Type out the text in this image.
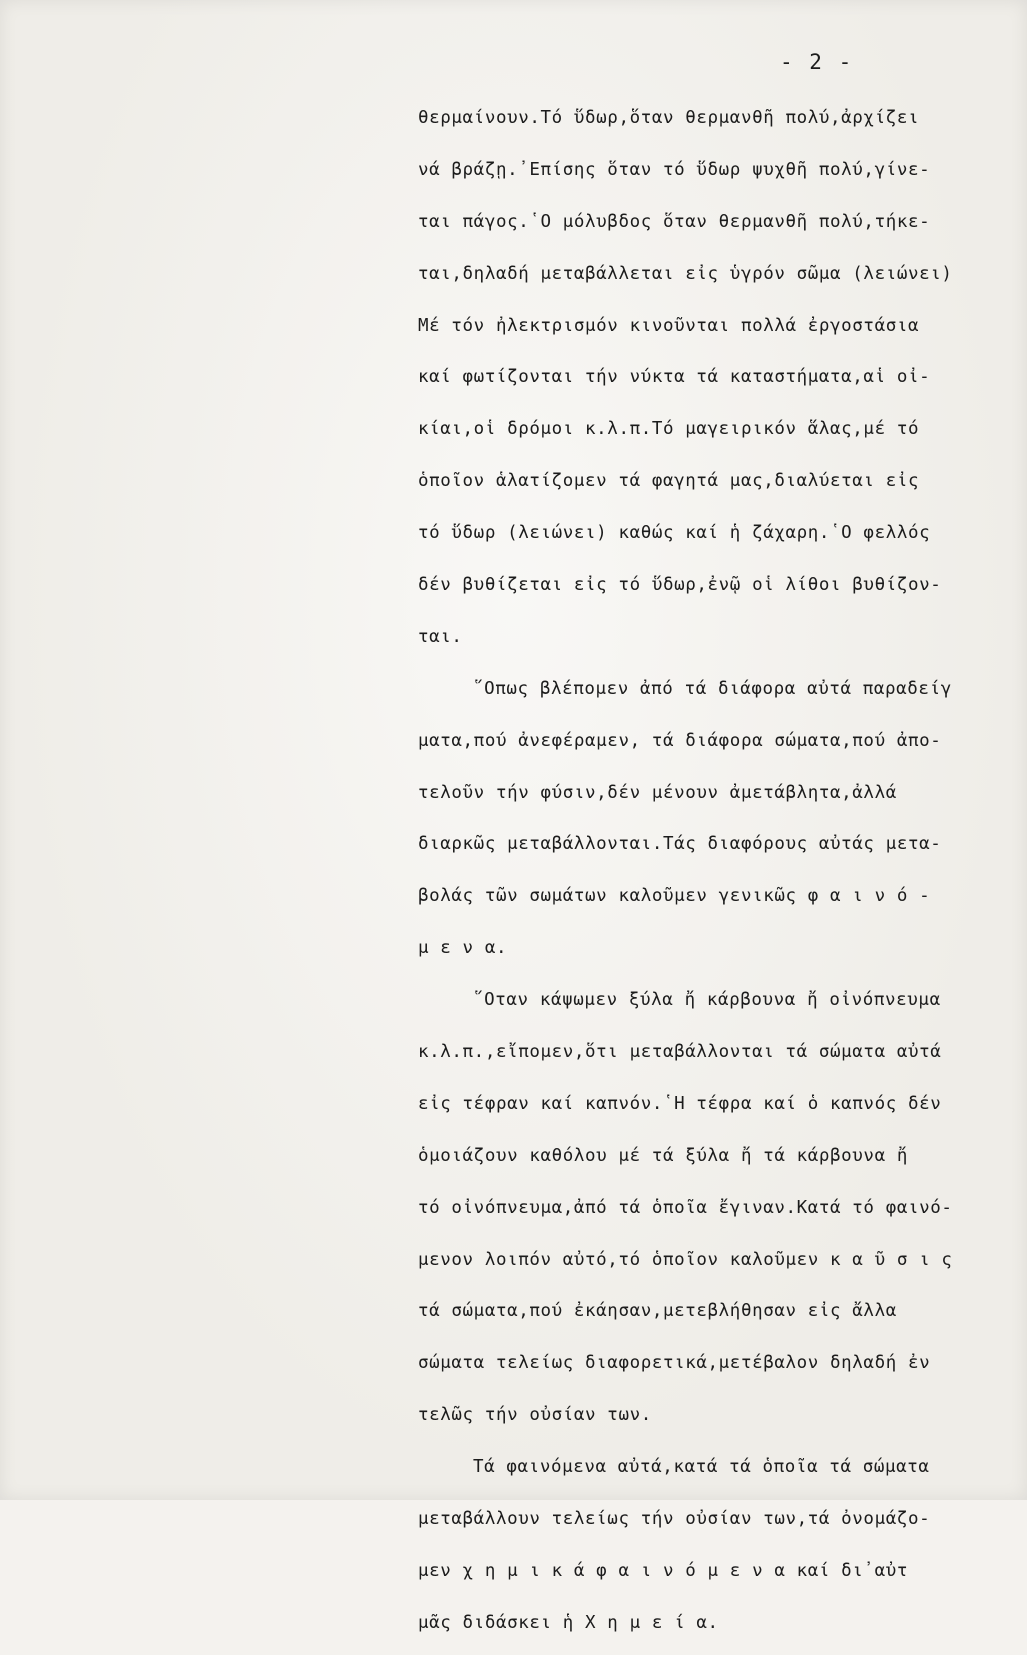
- 2 -
θερμαίνουν.Τό ὕδωρ,ὅταν θερμανθῆ πολύ,ἀρχίζει
νά βράζῃ.᾿Επίσης ὅταν τό ὕδωρ ψυχθῆ πολύ,γίνε-
ται πάγος.῾Ο μόλυβδος ὅταν θερμανθῆ πολύ,τήκε-
ται,δηλαδή μεταβάλλεται εἰς ὑγρόν σῶμα (λειώνει)
Μέ τόν ἠλεκτρισμόν κινοῦνται πολλά ἐργοστάσια
καί φωτίζονται τήν νύκτα τά καταστήματα,αἱ οἰ-
κίαι,οἱ δρόμοι κ.λ.π.Τό μαγειρικόν ἅλας,μέ τό
ὁποῖον ἁλατίζομεν τά φαγητά μας,διαλύεται εἰς
τό ὕδωρ (λειώνει) καθώς καί ἡ ζάχαρη.῾Ο φελλός
δέν βυθίζεται εἰς τό ὕδωρ,ἐνῷ οἱ λίθοι βυθίζον-
ται.
῞Οπως βλέπομεν ἀπό τά διάφορα αὐτά παραδείγ
ματα,πού ἀνεφέραμεν, τά διάφορα σώματα,πού ἀπο-
τελοῦν τήν φύσιν,δέν μένουν ἀμετάβλητα,ἀλλά
διαρκῶς μεταβάλλονται.Τάς διαφόρους αὐτάς μετα-
βολάς τῶν σωμάτων καλοῦμεν γενικῶς φ α ι ν ό -
μ ε ν α.
῞Οταν κάψωμεν ξύλα ἤ κάρβουνα ἤ οἰνόπνευμα
κ.λ.π.,εἴπομεν,ὅτι μεταβάλλονται τά σώματα αὐτά
εἰς τέφραν καί καπνόν.῾Η τέφρα καί ὁ καπνός δέν
ὁμοιάζουν καθόλου μέ τά ξύλα ἤ τά κάρβουνα ἤ
τό οἰνόπνευμα,ἀπό τά ὁποῖα ἔγιναν.Κατά τό φαινό-
μενον λοιπόν αὐτό,τό ὁποῖον καλοῦμεν κ α ῦ σ ι ς
τά σώματα,πού ἐκάησαν,μετεβλήθησαν εἰς ἄλλα
σώματα τελείως διαφορετικά,μετέβαλον δηλαδή ἐν
τελῶς τήν οὐσίαν των.
Τά φαινόμενα αὐτά,κατά τά ὁποῖα τά σώματα
μεταβάλλουν τελείως τήν οὐσίαν των,τά ὀνομάζο-
μεν χ η μ ι κ ά φ α ι ν ό μ ε ν α καί δι᾿αὐτ
μᾶς διδάσκει ἡ Χ η μ ε ί α.
